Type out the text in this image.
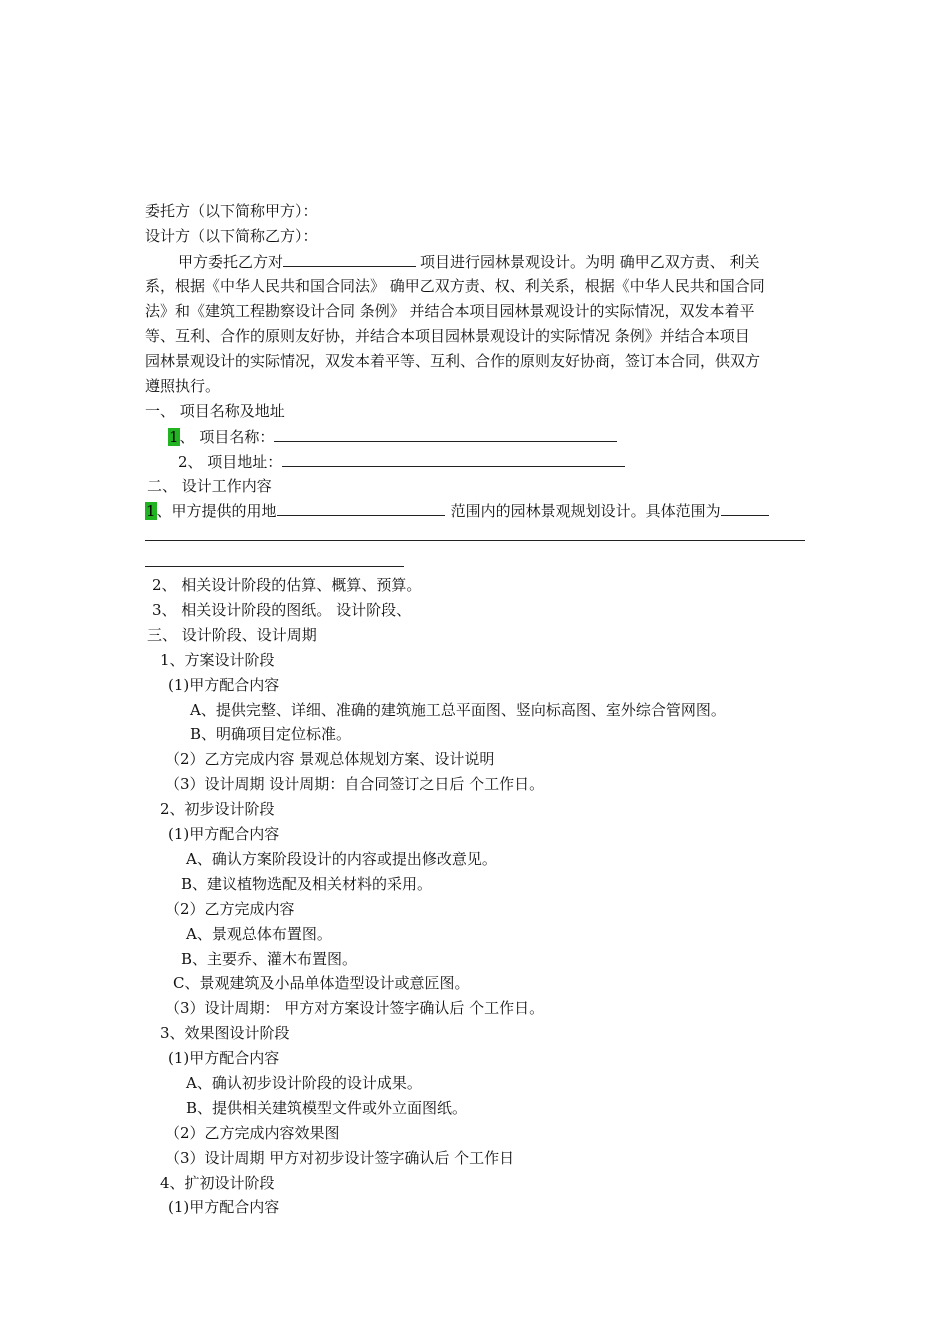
委托方（以下简称甲方）：
设计方（以下简称乙方）：
甲方委托乙方对	项目进行园林景观设计。为明 确甲乙双方责、 利关
系，根据《中华人民共和国合同法》 确甲乙双方责、权、利关系，根据《中华人民共和国合同
法》和《建筑工程勘察设计合同 条例》 并结合本项目园林景观设计的实际情况，双发本着平
等、互利、合作的原则友好协，并结合本项目园林景观设计的实际情况 条例》并结合本项目
园林景观设计的实际情况，双发本着平等、互利、合作的原则友好协商，签订本合同，供双方
遵照执行。
一、 项目名称及地址
1、 项目名称：
2、 项目地址：
二、 设计工作内容
1、甲方提供的用地	范围内的园林景观规划设计。具体范围为
2、 相关设计阶段的估算、概算、预算。
3、 相关设计阶段的图纸。 设计阶段、
三、 设计阶段、设计周期
1、方案设计阶段
(1)甲方配合内容
A、提供完整、详细、准确的建筑施工总平面图、竖向标高图、室外综合管网图。
B、明确项目定位标准。
（2）乙方完成内容 景观总体规划方案、设计说明
（3）设计周期 设计周期：自合同签订之日后 个工作日。
2、初步设计阶段
(1)甲方配合内容
A、确认方案阶段设计的内容或提出修改意见。
B、建议植物选配及相关材料的采用。
（2）乙方完成内容
A、景观总体布置图。
B、主要乔、灌木布置图。
C、景观建筑及小品单体造型设计或意匠图。
（3）设计周期： 甲方对方案设计签字确认后 个工作日。
3、效果图设计阶段
(1)甲方配合内容
A、确认初步设计阶段的设计成果。
B、提供相关建筑模型文件或外立面图纸。
（2）乙方完成内容效果图
（3）设计周期 甲方对初步设计签字确认后 个工作日
4、扩初设计阶段
(1)甲方配合内容
